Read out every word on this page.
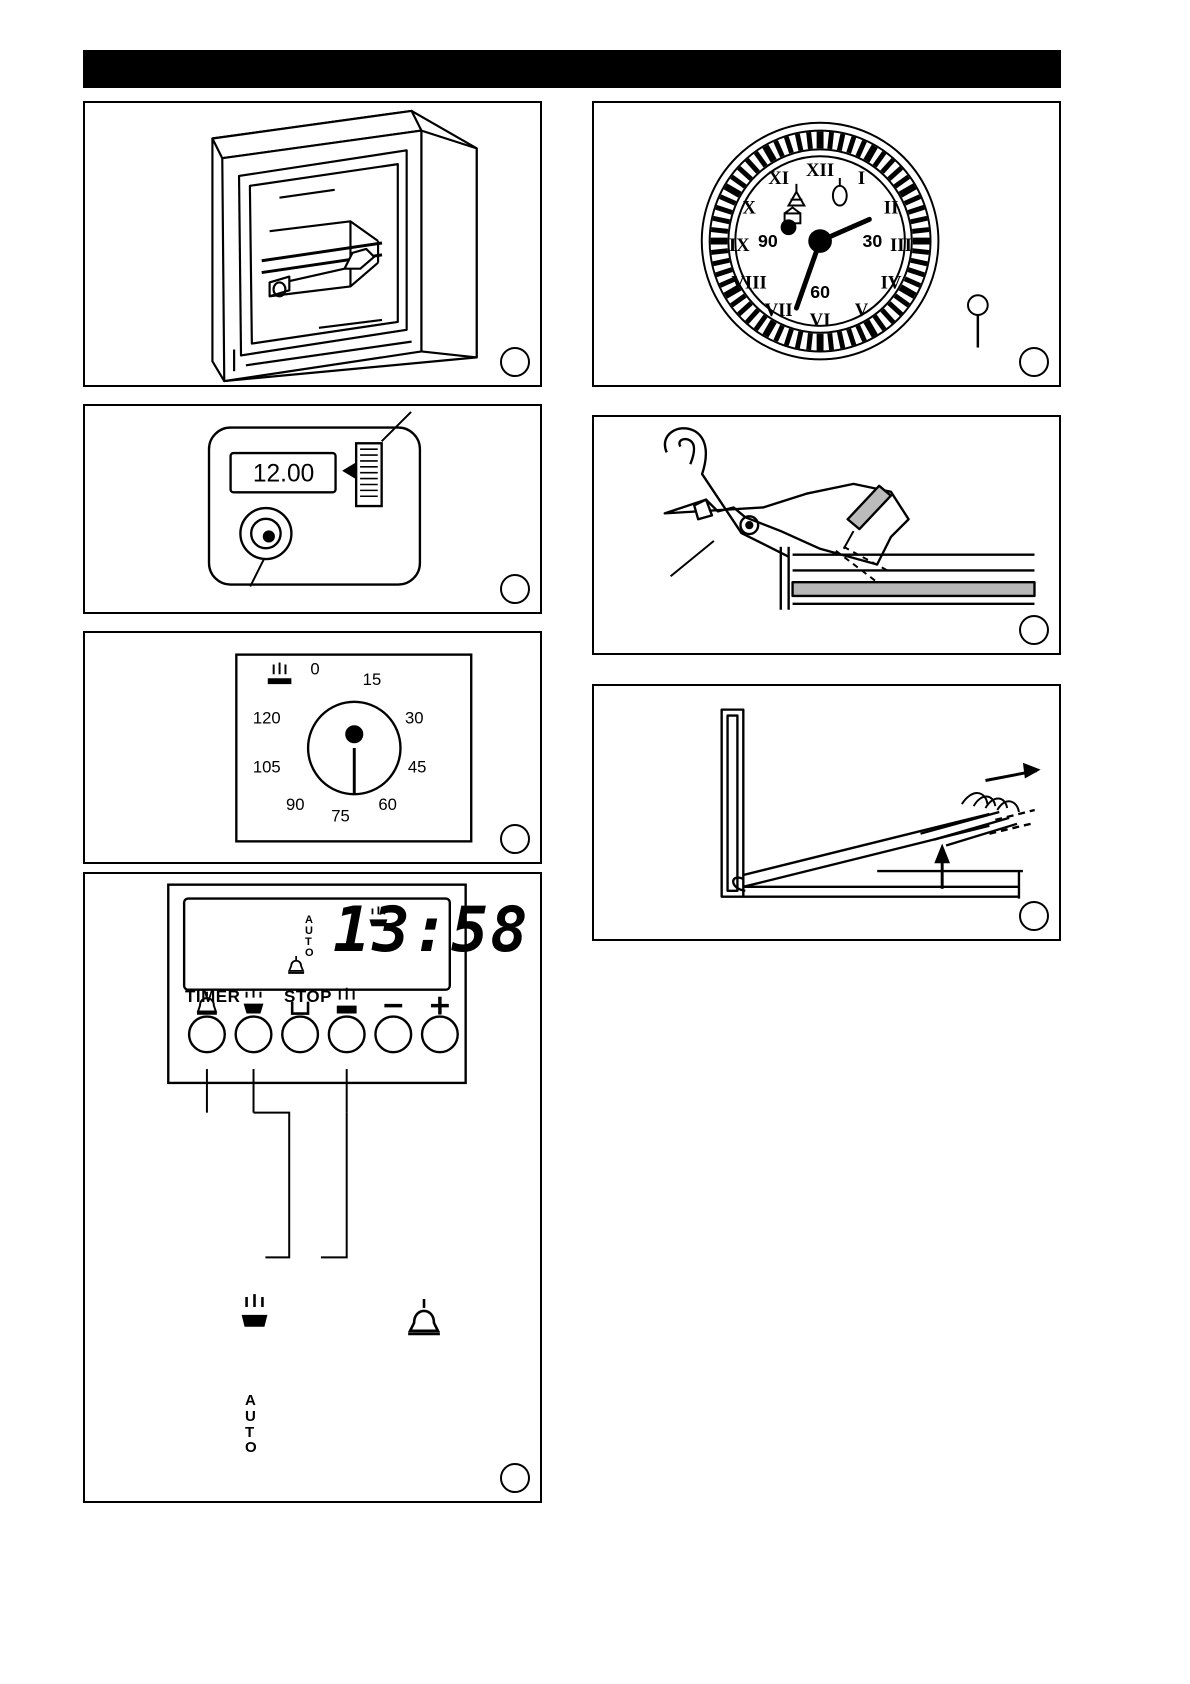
XII I
II
III
IV
V
VI
VII
VIII
IX
X
XI
90	30
60
12.00
0
15
30
45
60
75
90
105
120
13:58
A
U
T
O
TIMER	STOP
A
U
T
O
